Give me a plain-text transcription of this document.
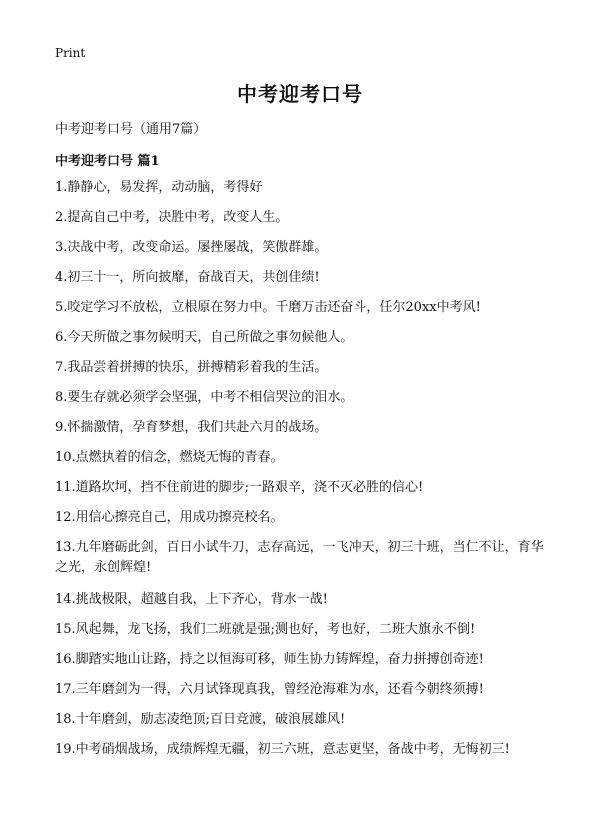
Print
中考迎考口号
中考迎考口号（通用7篇）
中考迎考口号 篇1
1.静静心，易发挥，动动脑，考得好
2.提高自己中考，决胜中考，改变人生。
3.决战中考，改变命运。屡挫屡战，笑傲群雄。
4.初三十一，所向披靡，奋战百天，共创佳绩!
5.咬定学习不放松，立根原在努力中。千磨万击还奋斗，任尔20xx中考风!
6.今天所做之事勿候明天，自己所做之事勿候他人。
7.我品尝着拼搏的快乐，拼搏精彩着我的生活。
8.要生存就必须学会坚强，中考不相信哭泣的泪水。
9.怀揣激情，孕育梦想，我们共赴六月的战场。
10.点燃执着的信念，燃烧无悔的青春。
11.道路坎坷，挡不住前进的脚步;一路艰辛，浇不灭必胜的信心!
12.用信心擦亮自己，用成功擦亮校名。
13.九年磨砺此剑，百日小试牛刀，志存高远，一飞冲天，初三十班，当仁不让，育华之光，永创辉煌!
14.挑战极限，超越自我，上下齐心，背水一战!
15.风起舞，龙飞扬，我们二班就是强;测也好，考也好，二班大旗永不倒!
16.脚踏实地山让路，持之以恒海可移，师生协力铸辉煌，奋力拼搏创奇迹!
17.三年磨剑为一得，六月试锋现真我，曾经沧海难为水，还看今朝终须搏!
18.十年磨剑，励志凌绝顶;百日竞渡，破浪展雄风!
19.中考硝烟战场，成绩辉煌无疆，初三六班，意志更坚，备战中考，无悔初三!
